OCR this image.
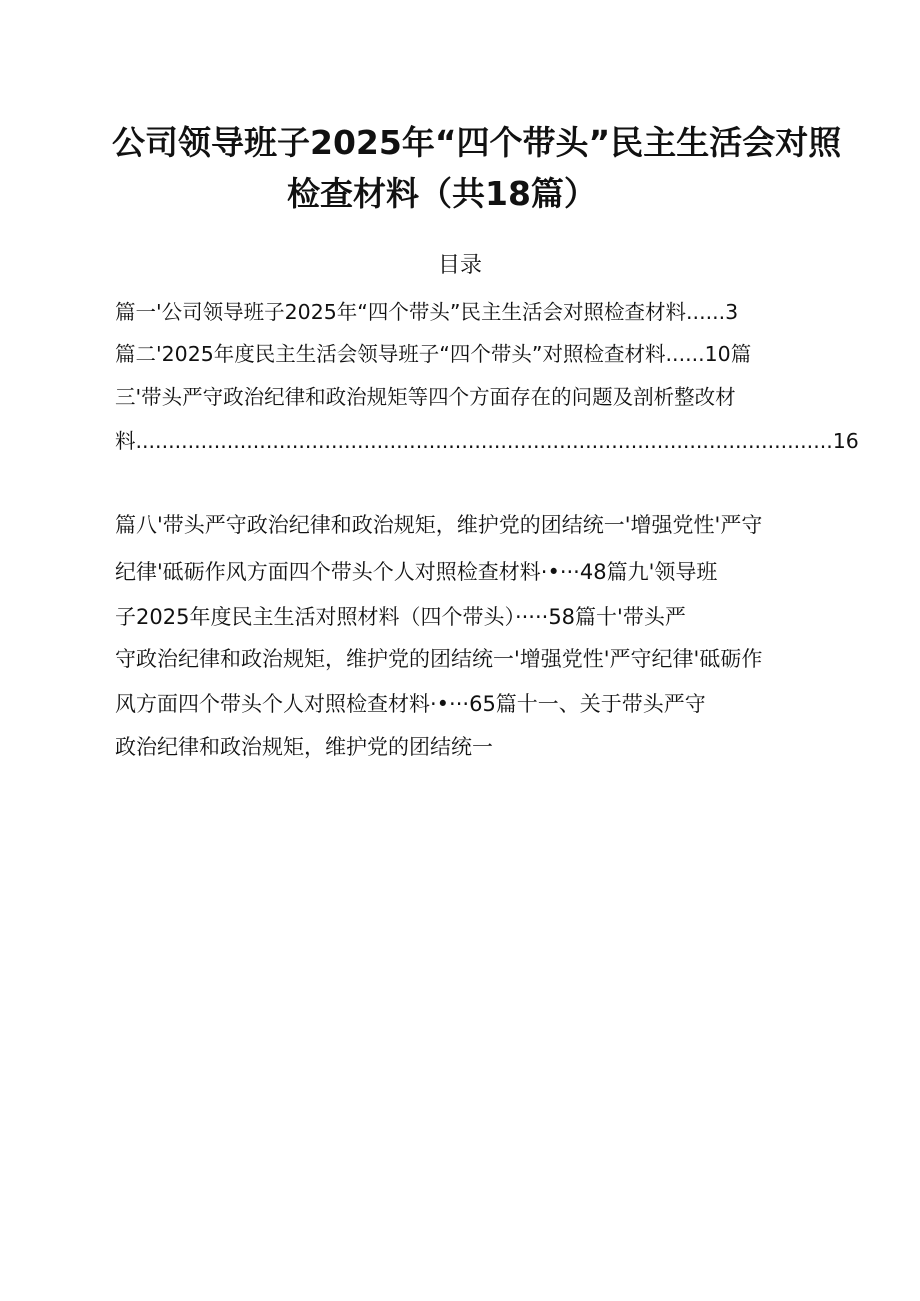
公司领导班子2025年“四个带头”民主生活会对照
检查材料（共18篇）
目录
篇一'公司领导班子2025年“四个带头”民主生活会对照检查材料......3
篇二'2025年度民主生活会领导班子“四个带头”对照检查材料......10篇
三'带头严守政治纪律和政治规矩等四个方面存在的问题及剖析整改材
料...........................................................................................................16
篇八'带头严守政治纪律和政治规矩，维护党的团结统一'增强党性'严守
纪律'砥砺作风方面四个带头个人对照检查材料·•···48篇九'领导班
子2025年度民主生活对照材料（四个带头）·····58篇十'带头严
守政治纪律和政治规矩，维护党的团结统一'增强党性'严守纪律'砥砺作
风方面四个带头个人对照检查材料·•···65篇十一、关于带头严守
政治纪律和政治规矩，维护党的团结统一
